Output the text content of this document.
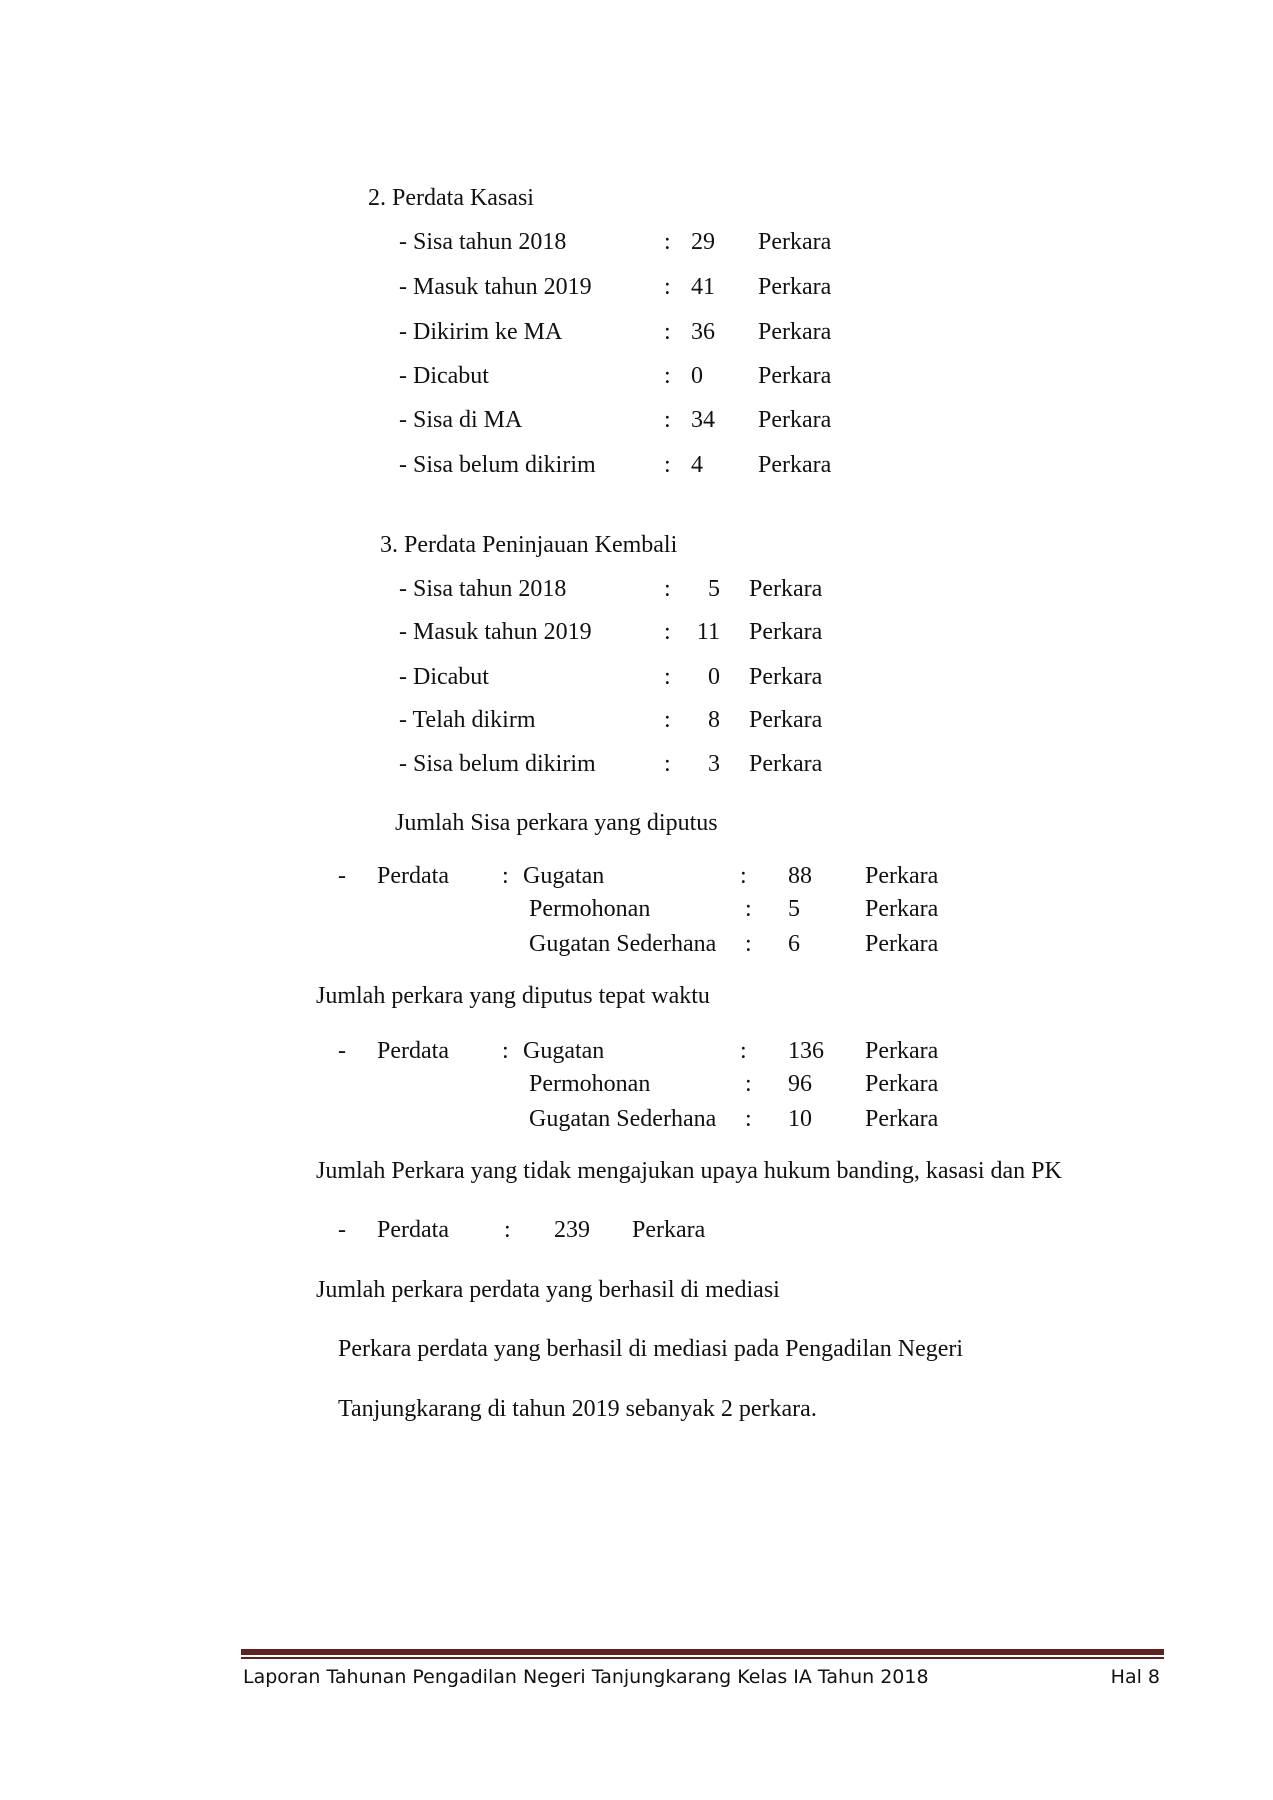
2. Perdata Kasasi
3. Perdata Peninjauan Kembali
Jumlah Sisa perkara yang diputus
Jumlah perkara yang diputus tepat waktu
Jumlah Perkara yang tidak mengajukan upaya hukum banding, kasasi dan PK
- Perdata : 239 Perkara
Jumlah perkara perdata yang berhasil di mediasi
Perkara perdata yang berhasil di mediasi pada Pengadilan Negeri
Tanjungkarang di tahun 2019 sebanyak 2 perkara.
Laporan Tahunan Pengadilan Negeri Tanjungkarang Kelas IA Tahun 2018	Hal 8
- Sisa tahun 2018	: 29 Perkara
- Masuk tahun 2019	: 41 Perkara
- Dikirim ke MA	: 36 Perkara
- Dicabut	: 0 Perkara
- Sisa di MA	: 34 Perkara
- Sisa belum dikirim	: 4 Perkara
- Sisa tahun 2018	:	5 Perkara
- Masuk tahun 2019	:	11 Perkara
- Dicabut	:	0 Perkara
- Telah dikirm	:	8 Perkara
- Sisa belum dikirim	:	3 Perkara
- Perdata : Gugatan	: 88 Perkara
Permohonan	: 5	Perkara
Gugatan Sederhana : 6	Perkara
- Perdata : Gugatan	: 136 Perkara
Permohonan	: 96 Perkara
Gugatan Sederhana : 10 Perkara
